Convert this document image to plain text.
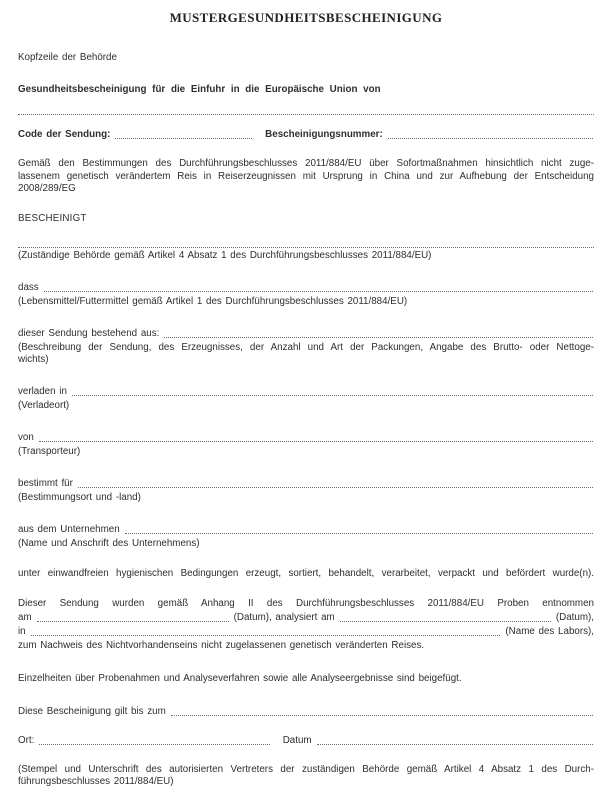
MUSTERGESUNDHEITSBESCHEINIGUNG
Kopfzeile der Behörde
Gesundheitsbescheinigung für die Einfuhr in die Europäische Union von
Code der Sendung:	Bescheinigungsnummer:
Gemäß den Bestimmungen des Durchführungsbeschlusses 2011/884/EU über Sofortmaßnahmen hinsichtlich nicht zuge-
lassenem genetisch verändertem Reis in Reiserzeugnissen mit Ursprung in China und zur Aufhebung der Entscheidung
2008/289/EG
BESCHEINIGT
(Zuständige Behörde gemäß Artikel 4 Absatz 1 des Durchführungsbeschlusses 2011/884/EU)
dass
(Lebensmittel/Futtermittel gemäß Artikel 1 des Durchführungsbeschlusses 2011/884/EU)
dieser Sendung bestehend aus:
(Beschreibung der Sendung, des Erzeugnisses, der Anzahl und Art der Packungen, Angabe des Brutto- oder Nettoge-
wichts)
verladen in
(Verladeort)
von
(Transporteur)
bestimmt für
(Bestimmungsort und -land)
aus dem Unternehmen
(Name und Anschrift des Unternehmens)
unter einwandfreien hygienischen Bedingungen erzeugt, sortiert, behandelt, verarbeitet, verpackt und befördert wurde(n).
Dieser Sendung wurden gemäß Anhang II des Durchführungsbeschlusses 2011/884/EU Proben entnommen
am	(Datum), analysiert am	(Datum),
in	(Name des Labors),
zum Nachweis des Nichtvorhandenseins nicht zugelassenen genetisch veränderten Reises.
Einzelheiten über Probenahmen und Analyseverfahren sowie alle Analyseergebnisse sind beigefügt.
Diese Bescheinigung gilt bis zum
Ort:	Datum
(Stempel und Unterschrift des autorisierten Vertreters der zuständigen Behörde gemäß Artikel 4 Absatz 1 des Durch-
führungsbeschlusses 2011/884/EU)
